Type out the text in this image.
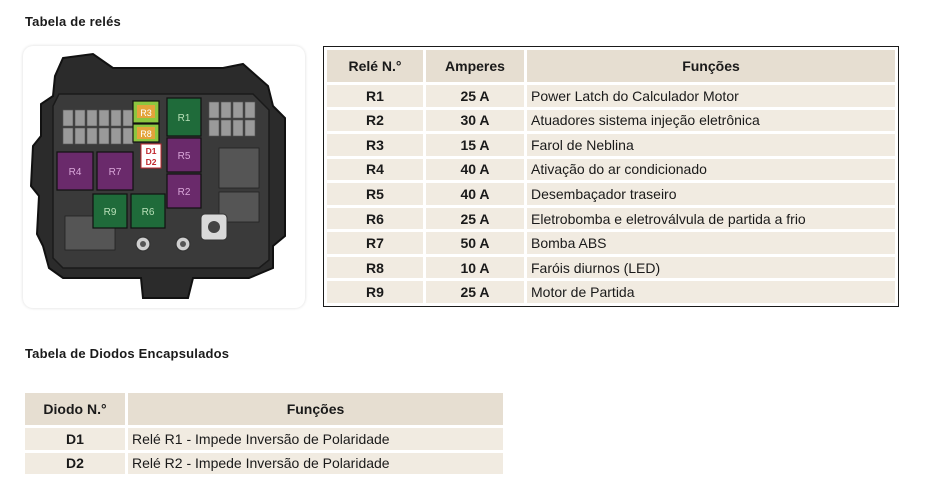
Tabela de relés
R3
R8
R1
D1
D2 R5
R2
R4	R7
R9	R6
Relé N.°	Amperes	Funções
R1	25 A	Power Latch do Calculador Motor
R2	30 A	Atuadores sistema injeção eletrônica
R3	15 A	Farol de Neblina
R4	40 A	Ativação do ar condicionado
R5	40 A	Desembaçador traseiro
R6	25 A	Eletrobomba e eletroválvula de partida a frio
R7	50 A	Bomba ABS
R8	10 A	Faróis diurnos (LED)
R9	25 A	Motor de Partida
Tabela de Diodos Encapsulados
Diodo N.°	Funções
D1	Relé R1 - Impede Inversão de Polaridade
D2	Relé R2 - Impede Inversão de Polaridade
